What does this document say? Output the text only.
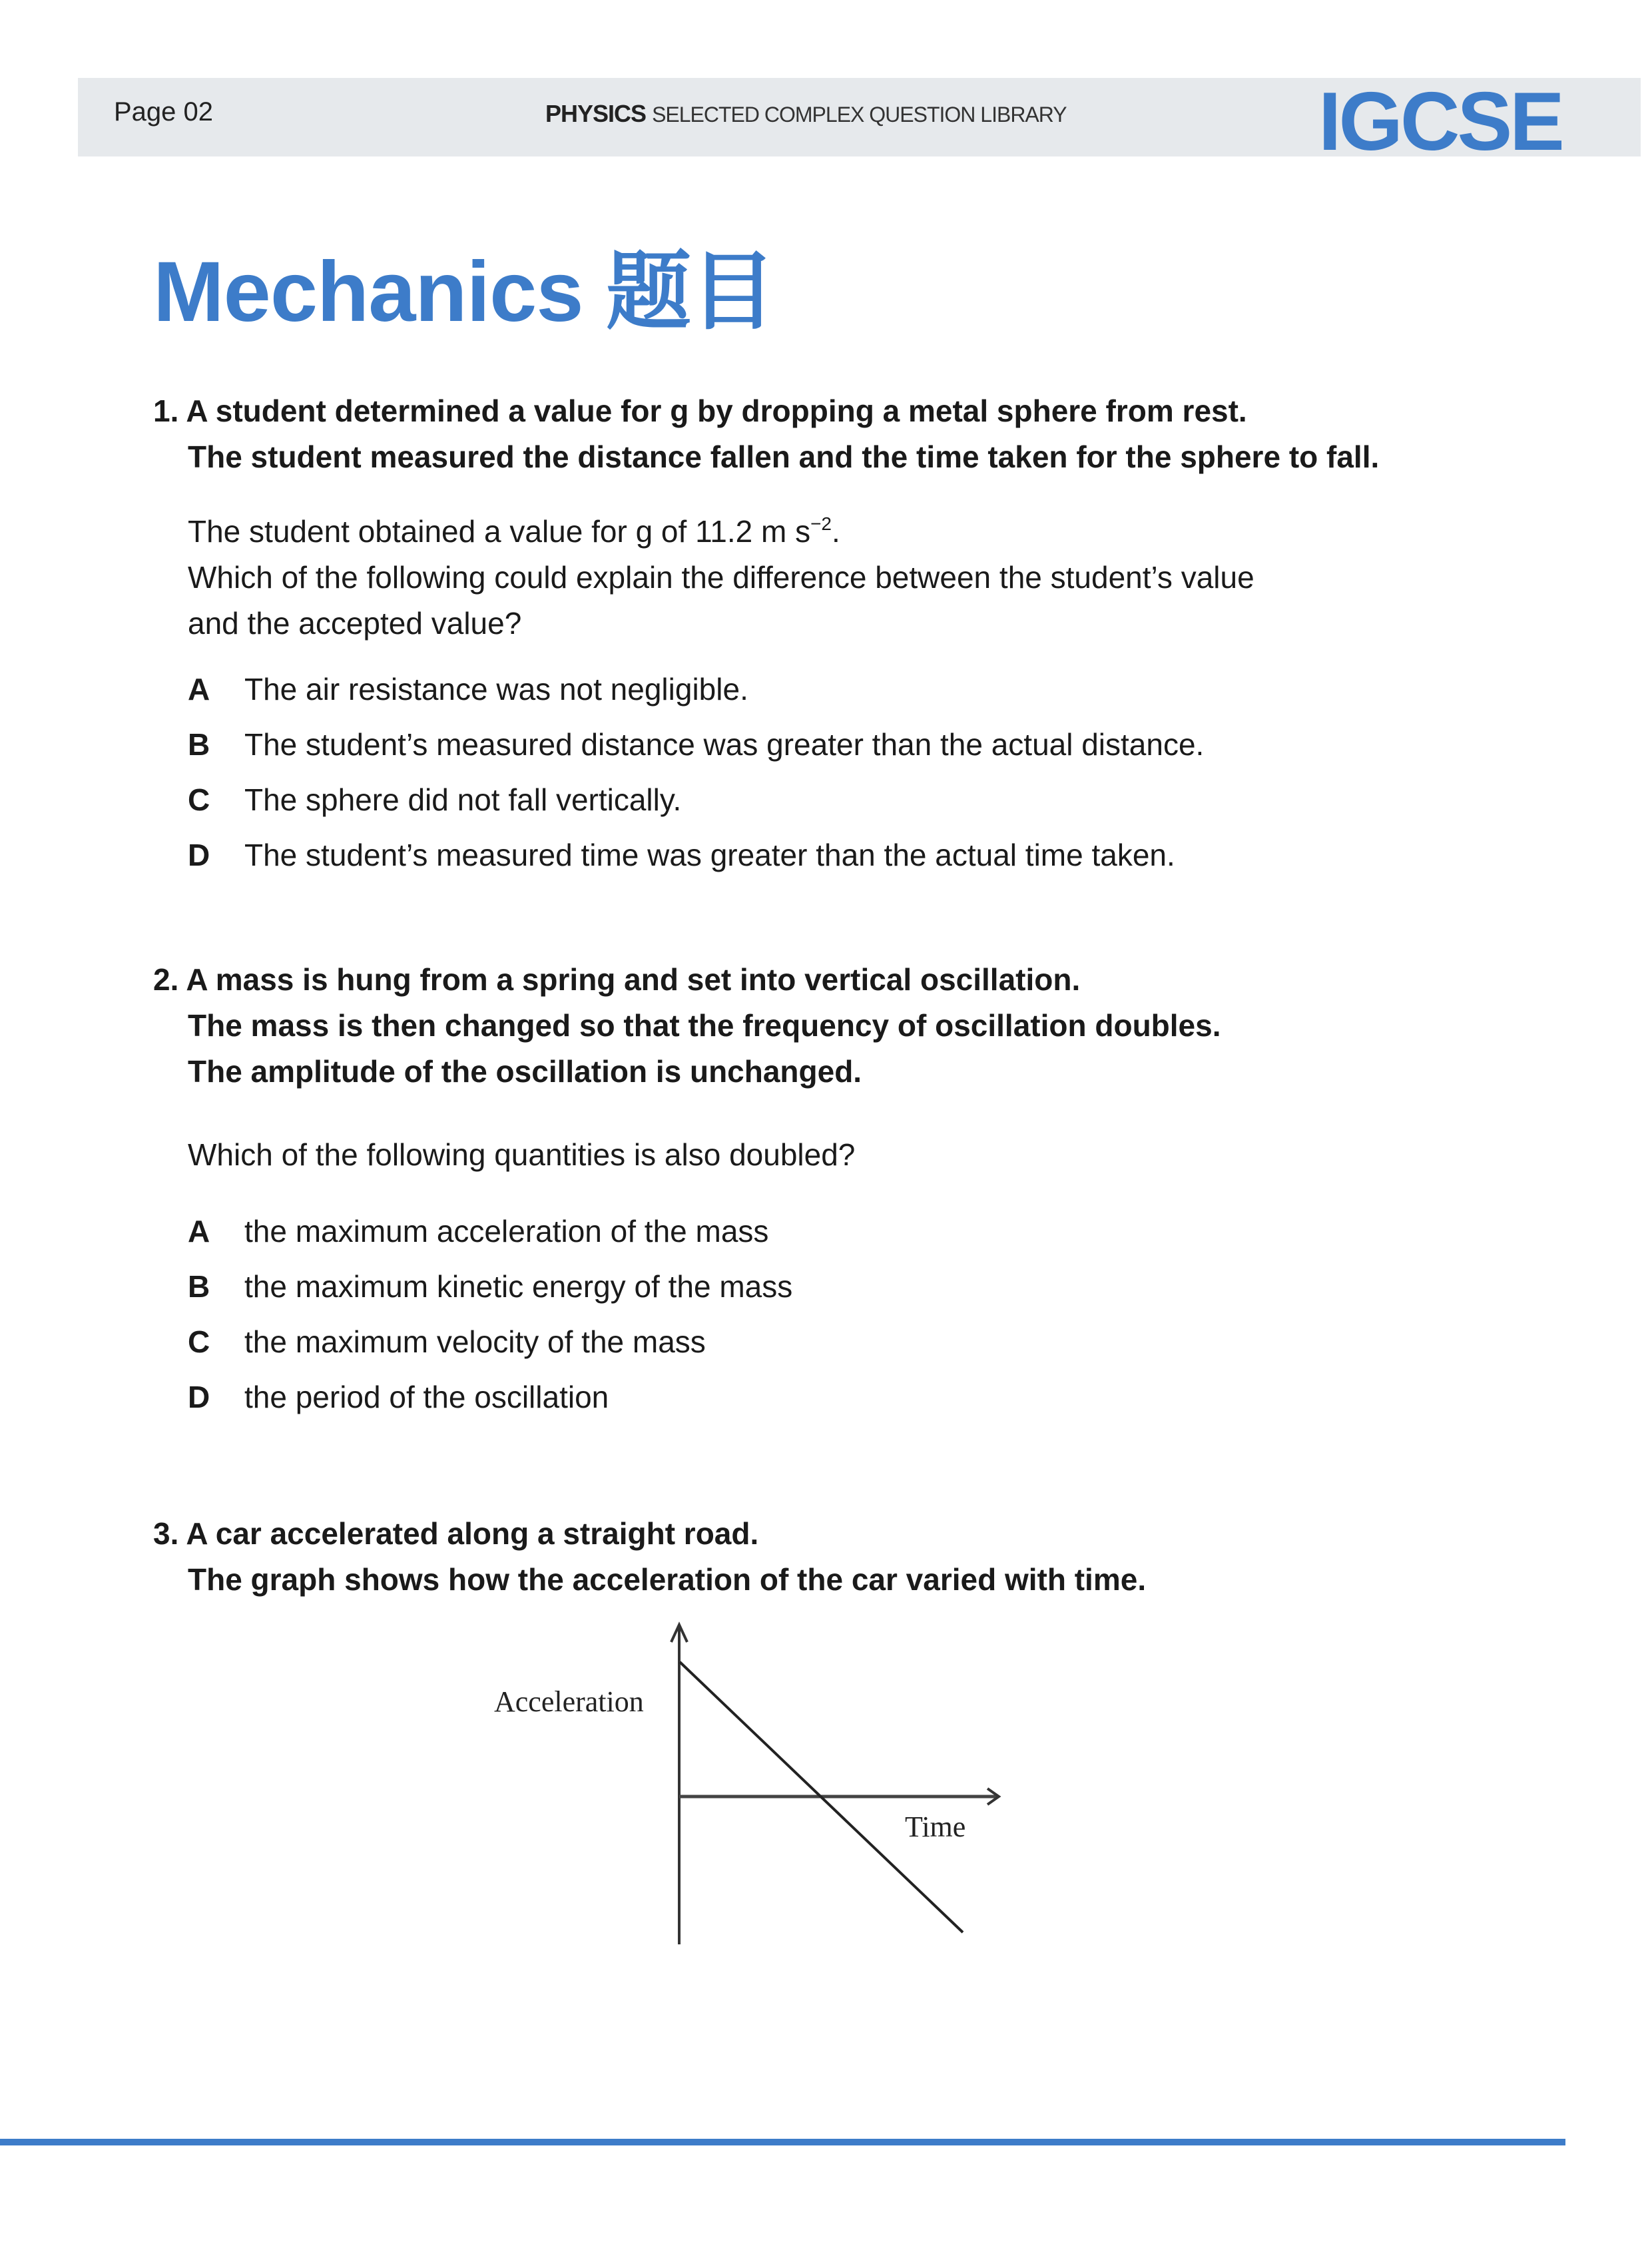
Page 02	PHYSICS SELECTED COMPLEX QUESTION LIBRARY	IGCSE
Mechanics 题目
1. A student determined a value for g by dropping a metal sphere from rest.
The student measured the distance fallen and the time taken for the sphere to fall.
The student obtained a value for g of 11.2 m $s^{-2}$.
Which of the following could explain the difference between the student’s value
and the accepted value?
A The air resistance was not negligible.
B The student’s measured distance was greater than the actual distance.
C The sphere did not fall vertically.
D The student’s measured time was greater than the actual time taken.
2. A mass is hung from a spring and set into vertical oscillation.
The mass is then changed so that the frequency of oscillation doubles.
The amplitude of the oscillation is unchanged.
Which of the following quantities is also doubled?
A the maximum acceleration of the mass
B the maximum kinetic energy of the mass
C the maximum velocity of the mass
D the period of the oscillation
3. A car accelerated along a straight road.
The graph shows how the acceleration of the car varied with time.
Acceleration
Time
